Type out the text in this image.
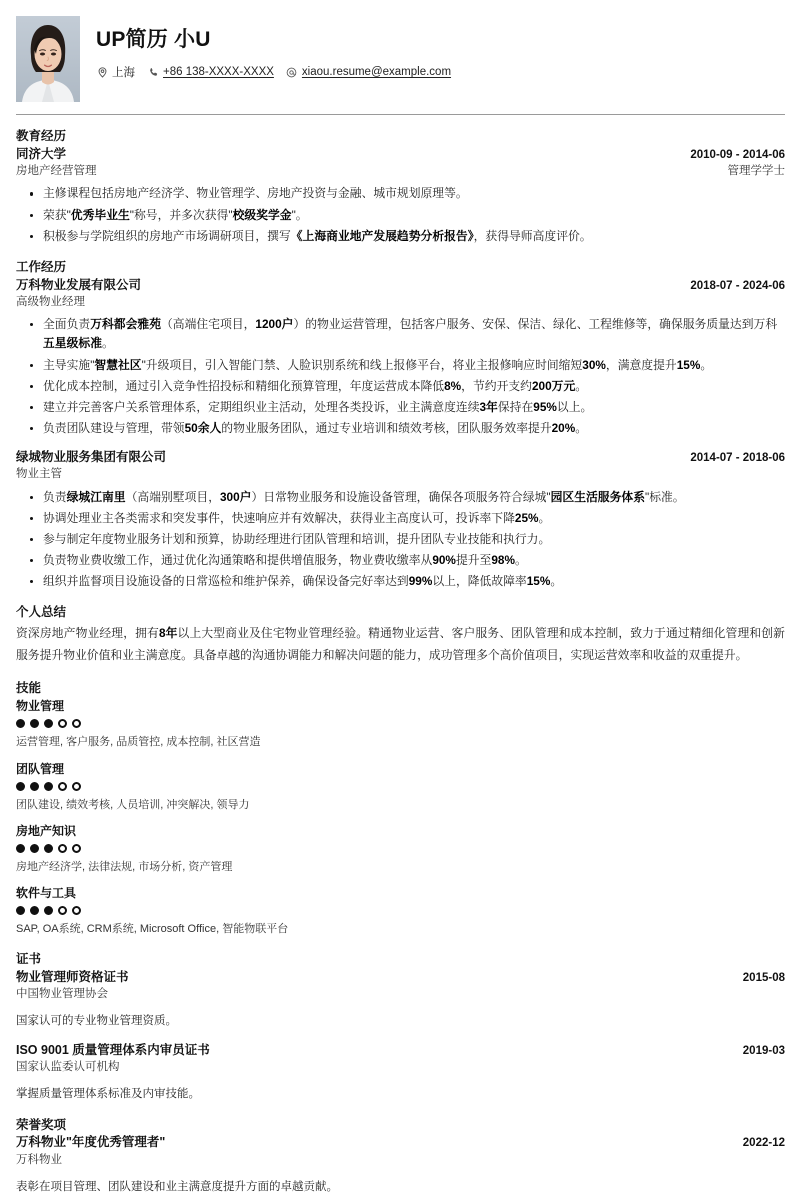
UP简历 小U
上海 +86 138-XXXX-XXXX xiaou.resume@example.com
教育经历
同济大学	2010-09 - 2014-06
房地产经营管理	管理学学士
主修课程包括房地产经济学、物业管理学、房地产投资与金融、城市规划原理等。
荣获"优秀毕业生"称号，并多次获得"校级奖学金"。
积极参与学院组织的房地产市场调研项目，撰写《上海商业地产发展趋势分析报告》，获得导师高度评价。
工作经历
万科物业发展有限公司	2018-07 - 2024-06
高级物业经理
全面负责万科都会雅苑（高端住宅项目，1200户）的物业运营管理，包括客户服务、安保、保洁、绿化、工程维修等，确保服务质量达到万科五星级标准。
主导实施"智慧社区"升级项目，引入智能门禁、人脸识别系统和线上报修平台，将业主报修响应时间缩短30%，满意度提升15%。
优化成本控制，通过引入竞争性招投标和精细化预算管理，年度运营成本降低8%，节约开支约200万元。
建立并完善客户关系管理体系，定期组织业主活动，处理各类投诉，业主满意度连续3年保持在95%以上。
负责团队建设与管理，带领50余人的物业服务团队，通过专业培训和绩效考核，团队服务效率提升20%。
绿城物业服务集团有限公司	2014-07 - 2018-06
物业主管
负责绿城江南里（高端别墅项目，300户）日常物业服务和设施设备管理，确保各项服务符合绿城"园区生活服务体系"标准。
协调处理业主各类需求和突发事件，快速响应并有效解决，获得业主高度认可，投诉率下降25%。
参与制定年度物业服务计划和预算，协助经理进行团队管理和培训，提升团队专业技能和执行力。
负责物业费收缴工作，通过优化沟通策略和提供增值服务，物业费收缴率从90%提升至98%。
组织并监督项目设施设备的日常巡检和维护保养，确保设备完好率达到99%以上，降低故障率15%。
个人总结

资深房地产物业经理，拥有8年以上大型商业及住宅物业管理经验。精通物业运营、客户服务、团队管理和成本控制，致力于通过精细化管理和创新服务提升物业价值和业主满意度。具备卓越的沟通协调能力和解决问题的能力，成功管理多个高价值项目，实现运营效率和收益的双重提升。

技能
物业管理
运营管理, 客户服务, 品质管控, 成本控制, 社区营造
团队管理
团队建设, 绩效考核, 人员培训, 冲突解决, 领导力
房地产知识
房地产经济学, 法律法规, 市场分析, 资产管理
软件与工具
SAP, OA系统, CRM系统, Microsoft Office, 智能物联平台
证书
物业管理师资格证书	2015-08
中国物业管理协会
国家认可的专业物业管理资质。
ISO 9001 质量管理体系内审员证书	2019-03
国家认监委认可机构
掌握质量管理体系标准及内审技能。
荣誉奖项
万科物业"年度优秀管理者"	2022-12
万科物业
表彰在项目管理、团队建设和业主满意度提升方面的卓越贡献。
